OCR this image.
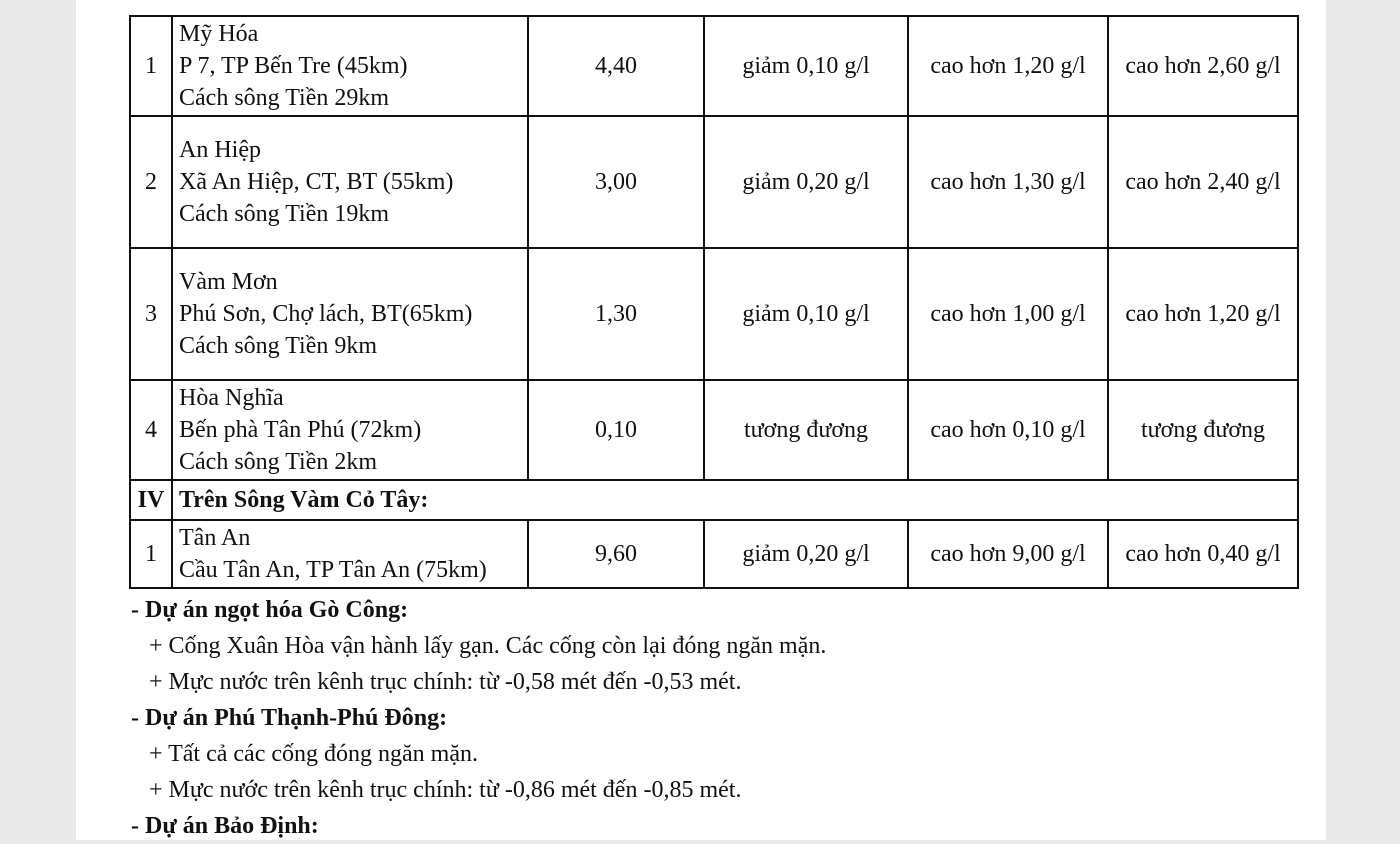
1	Mỹ Hóa
P 7, TP Bến Tre (45km)
Cách sông Tiền 29km	4,40	giảm 0,10 g/l	cao hơn 1,20 g/l	cao hơn 2,60 g/l
2	An Hiệp
Xã An Hiệp, CT, BT (55km)
Cách sông Tiền 19km	3,00	giảm 0,20 g/l	cao hơn 1,30 g/l	cao hơn 2,40 g/l
3	Vàm Mơn
Phú Sơn, Chợ lách, BT(65km)
Cách sông Tiền 9km	1,30	giảm 0,10 g/l	cao hơn 1,00 g/l	cao hơn 1,20 g/l
4	Hòa Nghĩa
Bến phà Tân Phú (72km)
Cách sông Tiền 2km	0,10	tương đương	cao hơn 0,10 g/l	tương đương
IV	Trên Sông Vàm Cỏ Tây:				
1	Tân An
Cầu Tân An, TP Tân An (75km)	9,60	giảm 0,20 g/l	cao hơn 9,00 g/l	cao hơn 0,40 g/l
- Dự án ngọt hóa Gò Công:
+ Cống Xuân Hòa vận hành lấy gạn. Các cống còn lại đóng ngăn mặn.
+ Mực nước trên kênh trục chính: từ -0,58 mét đến -0,53 mét.
- Dự án Phú Thạnh-Phú Đông:
+ Tất cả các cống đóng ngăn mặn.
+ Mực nước trên kênh trục chính: từ -0,86 mét đến -0,85 mét.
- Dự án Bảo Định:
